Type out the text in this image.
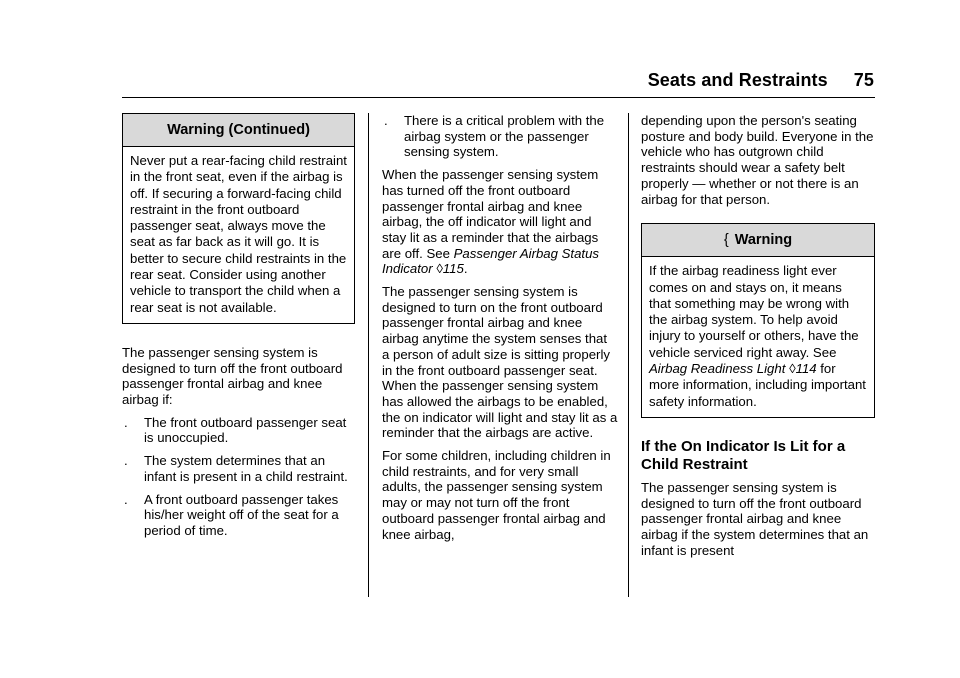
Seats and Restraints 75
Warning (Continued)
Never put a rear-facing child restraint in the front seat, even if the airbag is off. If securing a forward-facing child restraint in the front outboard passenger seat, always move the seat as far back as it will go. It is better to secure child restraints in the rear seat. Consider using another vehicle to transport the child when a rear seat is not available.

The passenger sensing system is designed to turn off the front outboard passenger frontal airbag and knee airbag if:

. The front outboard passenger seat is unoccupied.
. The system determines that an infant is present in a child restraint.
. A front outboard passenger takes his/her weight off of the seat for a period of time.
. There is a critical problem with the airbag system or the passenger sensing system.

When the passenger sensing system has turned off the front outboard passenger frontal airbag and knee airbag, the off indicator will light and stay lit as a reminder that the airbags are off. See Passenger Airbag Status Indicator ◊115.

The passenger sensing system is designed to turn on the front outboard passenger frontal airbag and knee airbag anytime the system senses that a person of adult size is sitting properly in the front outboard passenger seat. When the passenger sensing system has allowed the airbags to be enabled, the on indicator will light and stay lit as a reminder that the airbags are active.

For some children, including children in child restraints, and for very small adults, the passenger sensing system may or may not turn off the front outboard passenger frontal airbag and knee airbag,

depending upon the person's seating posture and body build. Everyone in the vehicle who has outgrown child restraints should wear a safety belt properly — whether or not there is an airbag for that person.

{ Warning
If the airbag readiness light ever comes on and stays on, it means that something may be wrong with the airbag system. To help avoid injury to yourself or others, have the vehicle serviced right away. See Airbag Readiness Light ◊114 for more information, including important safety information.
If the On Indicator Is Lit for a Child Restraint

The passenger sensing system is designed to turn off the front outboard passenger frontal airbag and knee airbag if the system determines that an infant is present
